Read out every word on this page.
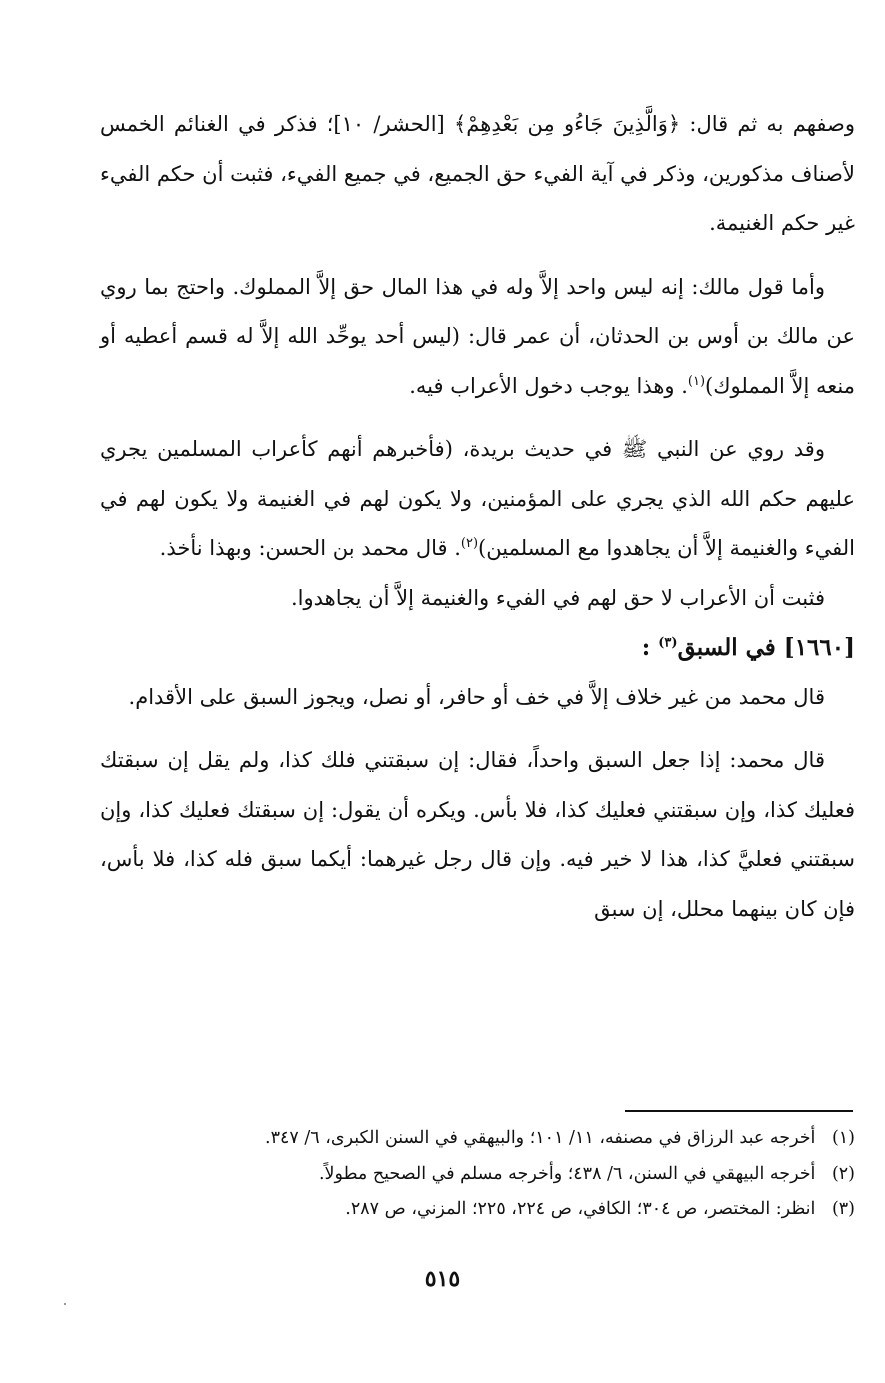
وصفهم به ثم قال: ﴿وَالَّذِينَ جَاءُو مِن بَعْدِهِمْ﴾ [الحشر/ ١٠]؛ فذكر في الغنائم الخمس لأصناف مذكورين، وذكر في آية الفيء حق الجميع، في جميع الفيء، فثبت أن حكم الفيء غير حكم الغنيمة.

وأما قول مالك: إنه ليس واحد إلاَّ وله في هذا المال حق إلاَّ المملوك. واحتج بما روي عن مالك بن أوس بن الحدثان، أن عمر قال: (ليس أحد يوحِّد الله إلاَّ له قسم أعطيه أو منعه إلاَّ المملوك)$^{(١)}$. وهذا يوجب دخول الأعراب فيه.

وقد روي عن النبي ﷺ في حديث بريدة، (فأخبرهم أنهم كأعراب المسلمين يجري عليهم حكم الله الذي يجري على المؤمنين، ولا يكون لهم في الغنيمة ولا يكون لهم في الفيء والغنيمة إلاَّ أن يجاهدوا مع المسلمين)$^{(٢)}$. قال محمد بن الحسن: وبهذا نأخذ.

فثبت أن الأعراب لا حق لهم في الفيء والغنيمة إلاَّ أن يجاهدوا.

[١٦٦٠] في السبق$^{(٣)}$ :

قال محمد من غير خلاف إلاَّ في خف أو حافر، أو نصل، ويجوز السبق على الأقدام.

قال محمد: إذا جعل السبق واحداً، فقال: إن سبقتني فلك كذا، ولم يقل إن سبقتك فعليك كذا، وإن سبقتني فعليك كذا، فلا بأس. ويكره أن يقول: إن سبقتك فعليك كذا، وإن سبقتني فعليَّ كذا، هذا لا خير فيه. وإن قال رجل غيرهما: أيكما سبق فله كذا، فلا بأس، فإن كان بينهما محلل، إن سبق

(١) أخرجه عبد الرزاق في مصنفه، ١١/ ١٠١؛ والبيهقي في السنن الكبرى، ٦/ ٣٤٧.
(٢) أخرجه البيهقي في السنن، ٦/ ٤٣٨؛ وأخرجه مسلم في الصحيح مطولاً.
(٣) انظر: المختصر، ص ٣٠٤؛ الكافي، ص ٢٢٤، ٢٢٥؛ المزني، ص ٢٨٧.
٥١٥
